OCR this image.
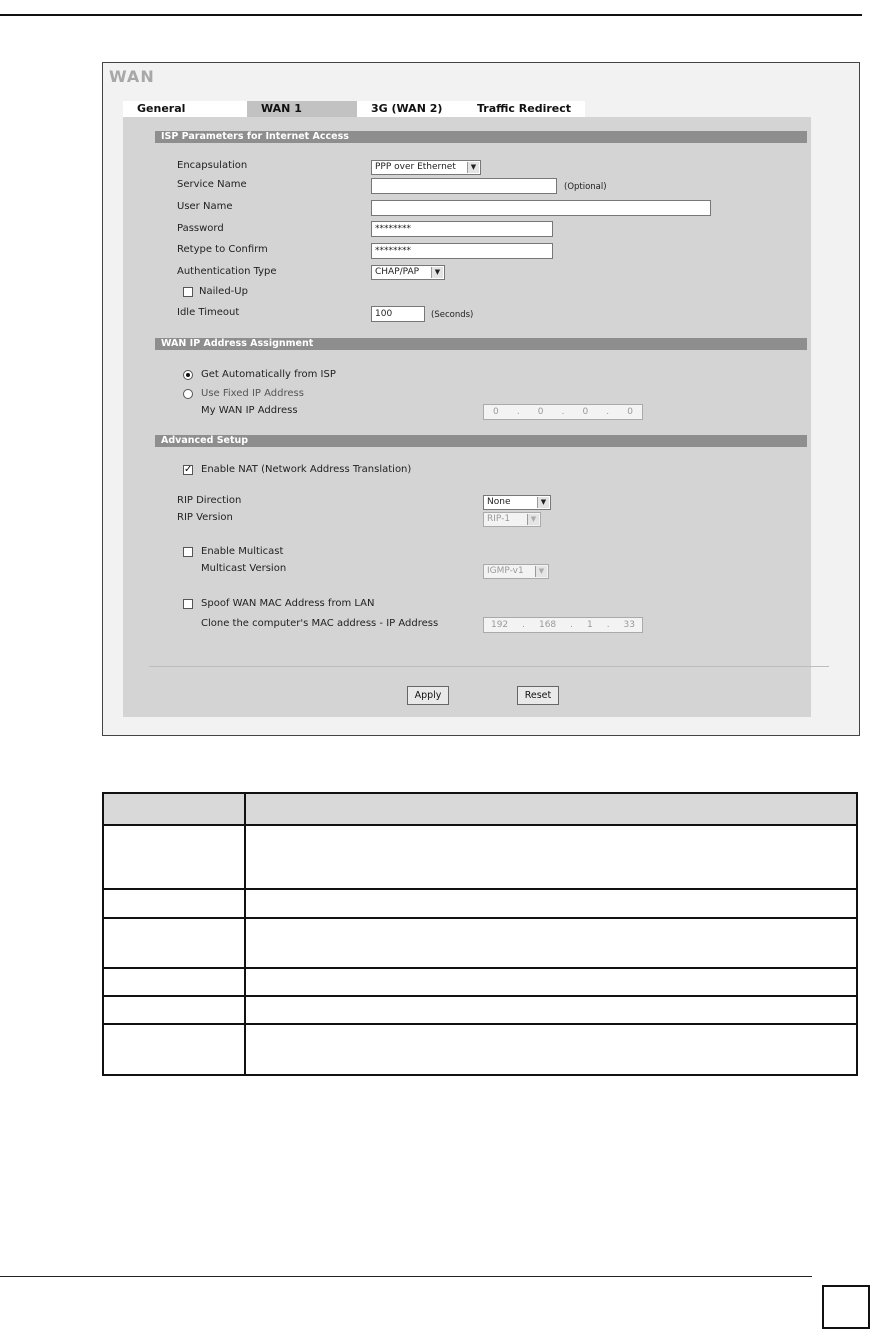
WAN
General	WAN 1	3G (WAN 2)	Traffic Redirect
ISP Parameters for Internet Access
Encapsulation	PPP over Ethernet	▼
Service Name	(Optional)
User Name
Password	********
Retype to Confirm	********
Authentication Type	CHAP/PAP	▼
Nailed-Up
Idle Timeout	100	(Seconds)
WAN IP Address Assignment
Get Automatically from ISP
Use Fixed IP Address
My WAN IP Address	0 . 0 . 0 . 0
Advanced Setup
✓ Enable NAT (Network Address Translation)
RIP Direction	None	▼
RIP Version	RIP-1	▼
Enable Multicast
Multicast Version	IGMP-v1	▼
Spoof WAN MAC Address from LAN
Clone the computer's MAC address - IP Address	192 . 168 . 1 . 33
Apply	Reset
